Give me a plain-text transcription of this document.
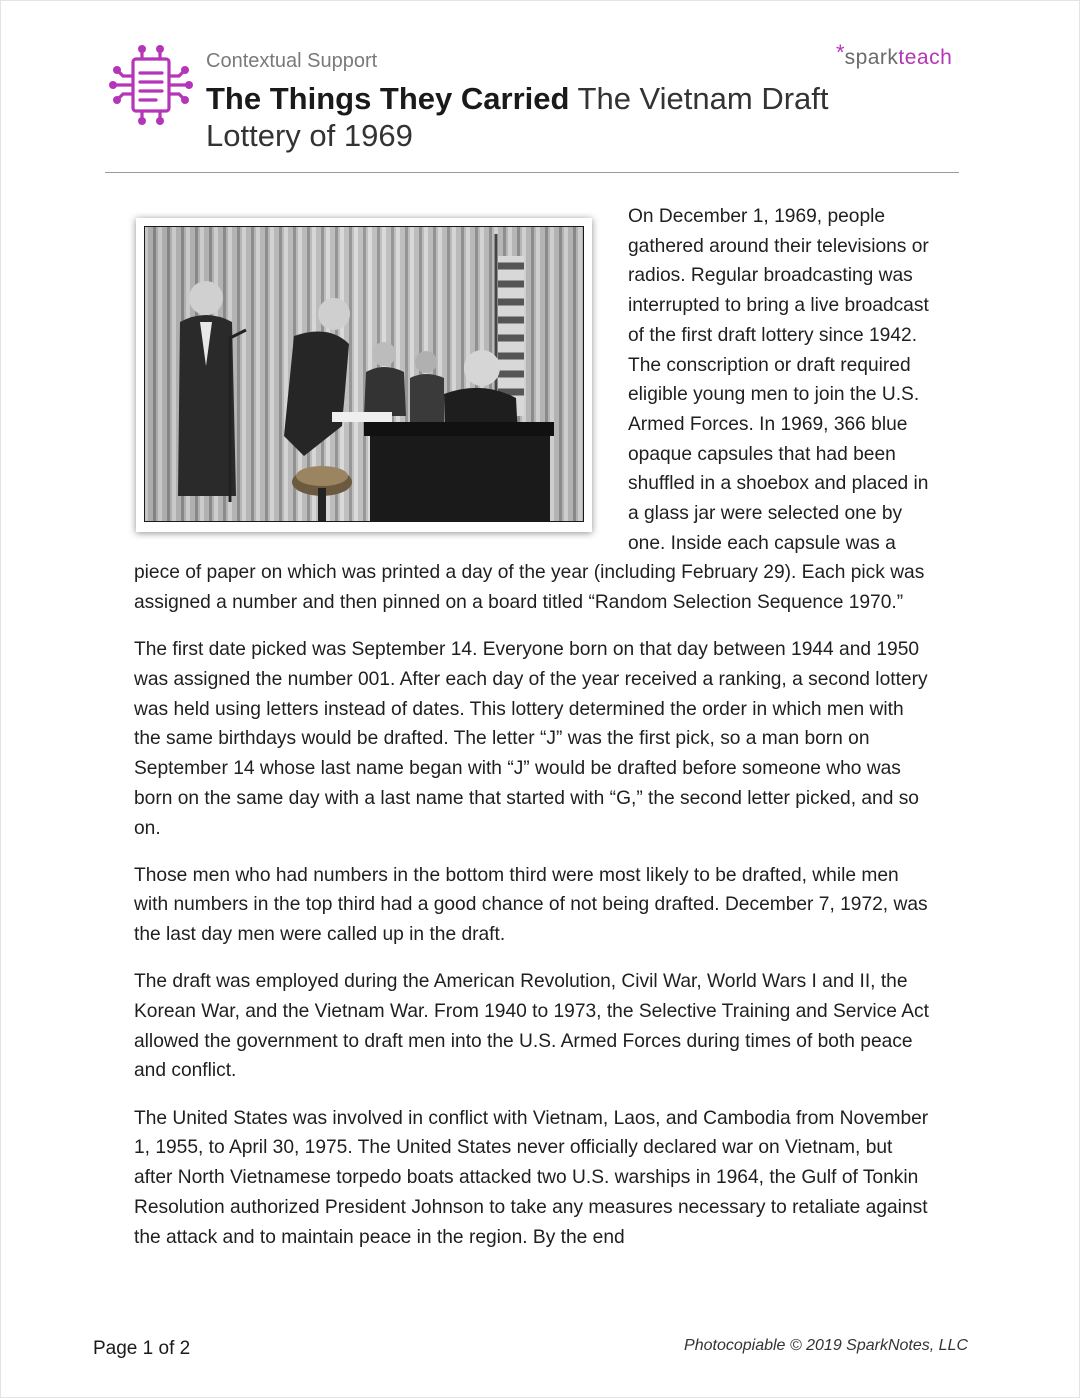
Contextual Support
The Things They Carried The Vietnam Draft Lottery of 1969
*sparkteach

On December 1, 1969, people gathered around their televisions or radios. Regular broadcasting was interrupted to bring a live broadcast of the first draft lottery since 1942. The conscription or draft required eligible young men to join the U.S. Armed Forces. In 1969, 366 blue opaque capsules that had been shuffled in a shoebox and placed in a glass jar were selected one by one. Inside each capsule was a piece of paper on which was printed a day of the year (including February 29). Each pick was assigned a number and then pinned on a board titled “Random Selection Sequence 1970.”

The first date picked was September 14. Everyone born on that day between 1944 and 1950 was assigned the number 001. After each day of the year received a ranking, a second lottery was held using letters instead of dates. This lottery determined the order in which men with the same birthdays would be drafted. The letter “J” was the first pick, so a man born on September 14 whose last name began with “J” would be drafted before someone who was born on the same day with a last name that started with “G,” the second letter picked, and so on.

Those men who had numbers in the bottom third were most likely to be drafted, while men with numbers in the top third had a good chance of not being drafted. December 7, 1972, was the last day men were called up in the draft.

The draft was employed during the American Revolution, Civil War, World Wars I and II, the Korean War, and the Vietnam War. From 1940 to 1973, the Selective Training and Service Act allowed the government to draft men into the U.S. Armed Forces during times of both peace and conflict.

The United States was involved in conflict with Vietnam, Laos, and Cambodia from November 1, 1955, to April 30, 1975. The United States never officially declared war on Vietnam, but after North Vietnamese torpedo boats attacked two U.S. warships in 1964, the Gulf of Tonkin Resolution authorized President Johnson to take any measures necessary to retaliate against the attack and to maintain peace in the region. By the end

Page 1 of 2	Photocopiable © 2019 SparkNotes, LLC
